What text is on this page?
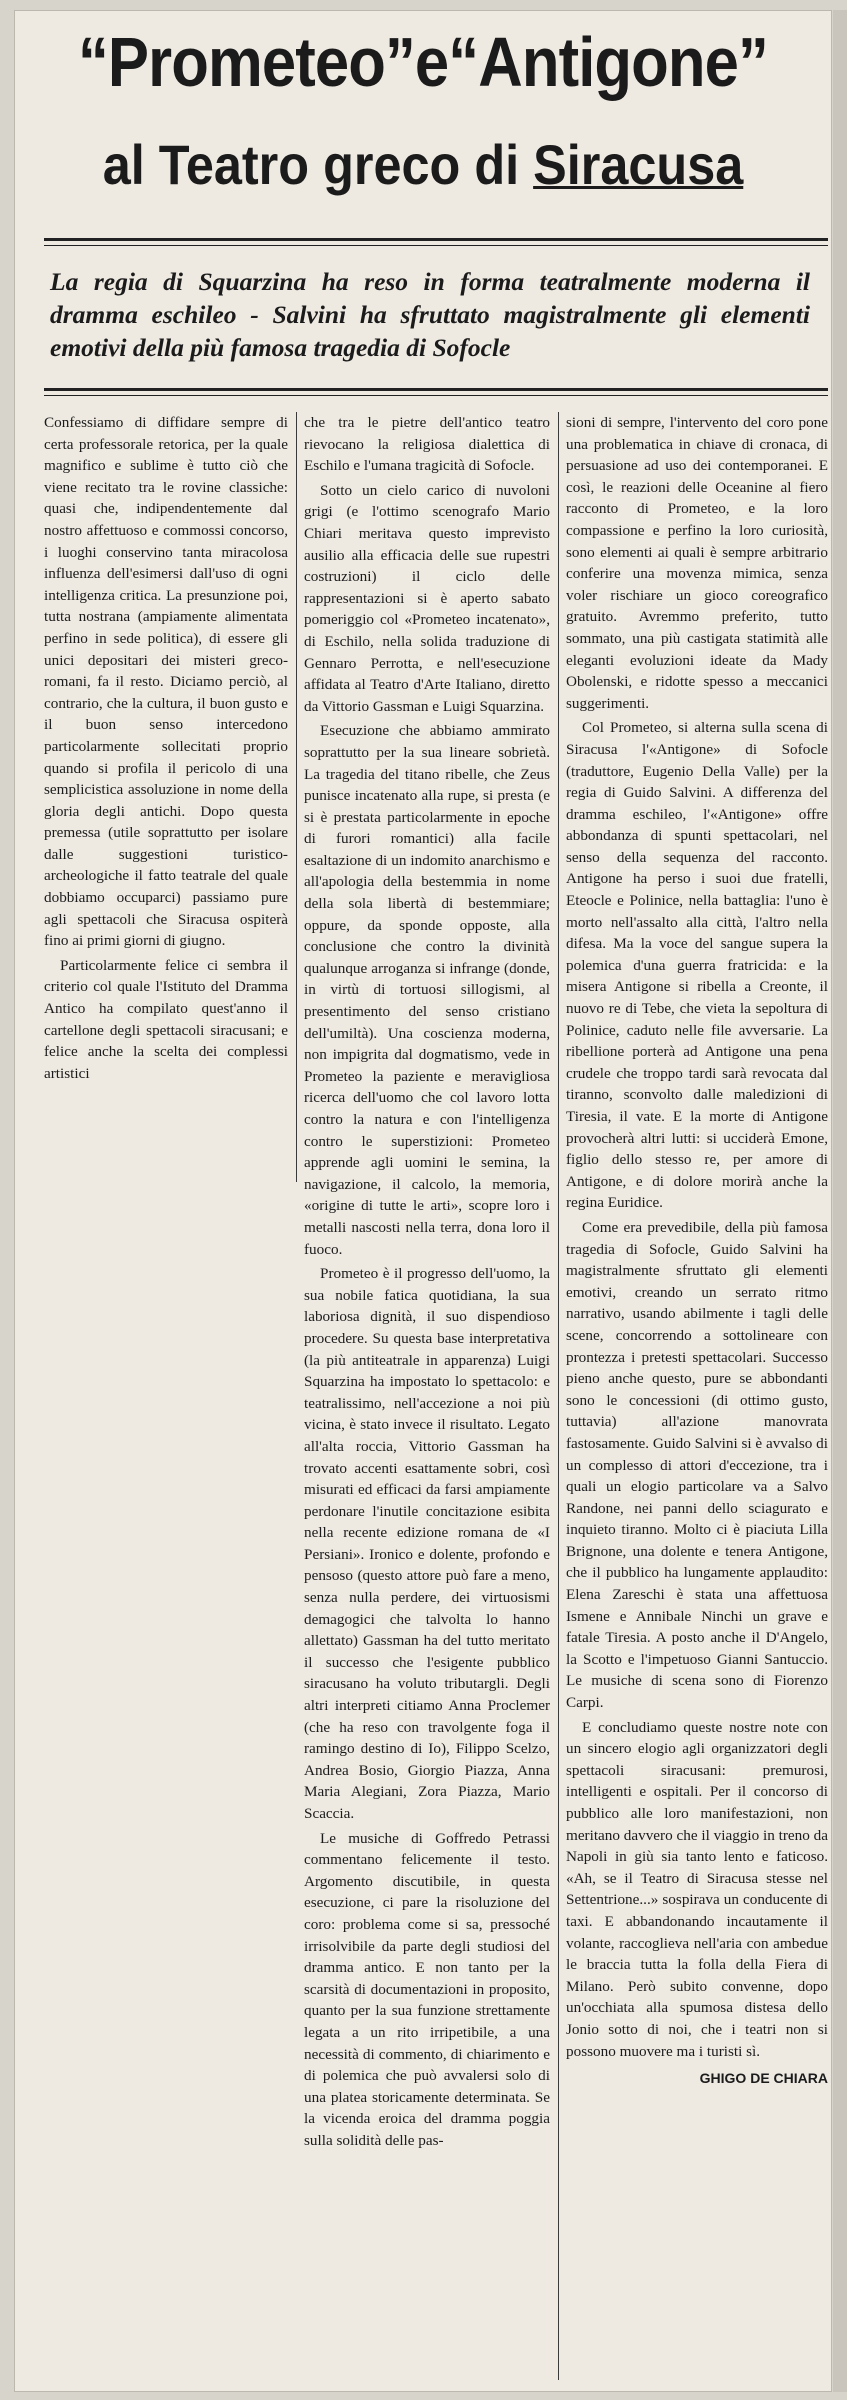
“Prometeo”e“Antigone”
al Teatro greco di Siracusa
La regia di Squarzina ha reso in forma teatralmente moderna il dramma eschileo - Salvini ha sfruttato magistralmente gli elementi emotivi della più famosa tragedia di Sofocle

Confessiamo di diffidare sempre di certa professorale retorica, per la quale magnifico e sublime è tutto ciò che viene recitato tra le rovine classiche: quasi che, indipendentemente dal nostro affettuoso e commossi concorso, i luoghi conservino tanta miracolosa influenza dell'esimersi dall'uso di ogni intelligenza critica. La presunzione poi, tutta nostrana (ampiamente alimentata perfino in sede politica), di essere gli unici depositari dei misteri greco-romani, fa il resto. Diciamo perciò, al contrario, che la cultura, il buon gusto e il buon senso intercedono particolarmente sollecitati proprio quando si profila il pericolo di una semplicistica assoluzione in nome della gloria degli antichi. Dopo questa premessa (utile soprattutto per isolare dalle suggestioni turistico-archeologiche il fatto teatrale del quale dobbiamo occuparci) passiamo pure agli spettacoli che Siracusa ospiterà fino ai primi giorni di giugno.

Particolarmente felice ci sembra il criterio col quale l'Istituto del Dramma Antico ha compilato quest'anno il cartellone degli spettacoli siracusani; e felice anche la scelta dei complessi artistici

che tra le pietre dell'antico teatro rievocano la religiosa dialettica di Eschilo e l'umana tragicità di Sofocle.

Sotto un cielo carico di nuvoloni grigi (e l'ottimo scenografo Mario Chiari meritava questo imprevisto ausilio alla efficacia delle sue rupestri costruzioni) il ciclo delle rappresentazioni si è aperto sabato pomeriggio col «Prometeo incatenato», di Eschilo, nella solida traduzione di Gennaro Perrotta, e nell'esecuzione affidata al Teatro d'Arte Italiano, diretto da Vittorio Gassman e Luigi Squarzina.

Esecuzione che abbiamo ammirato soprattutto per la sua lineare sobrietà. La tragedia del titano ribelle, che Zeus punisce incatenato alla rupe, si presta (e si è prestata particolarmente in epoche di furori romantici) alla facile esaltazione di un indomito anarchismo e all'apologia della bestemmia in nome della sola libertà di bestemmiare; oppure, da sponde opposte, alla conclusione che contro la divinità qualunque arroganza si infrange (donde, in virtù di tortuosi sillogismi, al presentimento del senso cristiano dell'umiltà). Una coscienza moderna, non impigrita dal dogmatismo, vede in Prometeo la paziente e meravigliosa ricerca dell'uomo che col lavoro lotta contro la natura e con l'intelligenza contro le superstizioni: Prometeo apprende agli uomini le semina, la navigazione, il calcolo, la memoria, «origine di tutte le arti», scopre loro i metalli nascosti nella terra, dona loro il fuoco.

Prometeo è il progresso dell'uomo, la sua nobile fatica quotidiana, la sua laboriosa dignità, il suo dispendioso procedere. Su questa base interpretativa (la più antiteatrale in apparenza) Luigi Squarzina ha impostato lo spettacolo: e teatralissimo, nell'accezione a noi più vicina, è stato invece il risultato. Legato all'alta roccia, Vittorio Gassman ha trovato accenti esattamente sobri, così misurati ed efficaci da farsi ampiamente perdonare l'inutile concitazione esibita nella recente edizione romana de «I Persiani». Ironico e dolente, profondo e pensoso (questo attore può fare a meno, senza nulla perdere, dei virtuosismi demagogici che talvolta lo hanno allettato) Gassman ha del tutto meritato il successo che l'esigente pubblico siracusano ha voluto tributargli. Degli altri interpreti citiamo Anna Proclemer (che ha reso con travolgente foga il ramingo destino di Io), Filippo Scelzo, Andrea Bosio, Giorgio Piazza, Anna Maria Alegiani, Zora Piazza, Mario Scaccia.

Le musiche di Goffredo Petrassi commentano felicemente il testo. Argomento discutibile, in questa esecuzione, ci pare la risoluzione del coro: problema come si sa, pressoché irrisolvibile da parte degli studiosi del dramma antico. E non tanto per la scarsità di documentazioni in proposito, quanto per la sua funzione strettamente legata a un rito irripetibile, a una necessità di commento, di chiarimento e di polemica che può avvalersi solo di una platea storicamente determinata. Se la vicenda eroica del dramma poggia sulla solidità delle pas-

sioni di sempre, l'intervento del coro pone una problematica in chiave di cronaca, di persuasione ad uso dei contemporanei. E così, le reazioni delle Oceanine al fiero racconto di Prometeo, e la loro compassione e perfino la loro curiosità, sono elementi ai quali è sempre arbitrario conferire una movenza mimica, senza voler rischiare un gioco coreografico gratuito. Avremmo preferito, tutto sommato, una più castigata statimità alle eleganti evoluzioni ideate da Mady Obolenski, e ridotte spesso a meccanici suggerimenti.

Col Prometeo, si alterna sulla scena di Siracusa l'«Antigone» di Sofocle (traduttore, Eugenio Della Valle) per la regia di Guido Salvini. A differenza del dramma eschileo, l'«Antigone» offre abbondanza di spunti spettacolari, nel senso della sequenza del racconto. Antigone ha perso i suoi due fratelli, Eteocle e Polinice, nella battaglia: l'uno è morto nell'assalto alla città, l'altro nella difesa. Ma la voce del sangue supera la polemica d'una guerra fratricida: e la misera Antigone si ribella a Creonte, il nuovo re di Tebe, che vieta la sepoltura di Polinice, caduto nelle file avversarie. La ribellione porterà ad Antigone una pena crudele che troppo tardi sarà revocata dal tiranno, sconvolto dalle maledizioni di Tiresia, il vate. E la morte di Antigone provocherà altri lutti: si ucciderà Emone, figlio dello stesso re, per amore di Antigone, e di dolore morirà anche la regina Euridice.

Come era prevedibile, della più famosa tragedia di Sofocle, Guido Salvini ha magistralmente sfruttato gli elementi emotivi, creando un serrato ritmo narrativo, usando abilmente i tagli delle scene, concorrendo a sottolineare con prontezza i pretesti spettacolari. Successo pieno anche questo, pure se abbondanti sono le concessioni (di ottimo gusto, tuttavia) all'azione manovrata fastosamente. Guido Salvini si è avvalso di un complesso di attori d'eccezione, tra i quali un elogio particolare va a Salvo Randone, nei panni dello sciagurato e inquieto tiranno. Molto ci è piaciuta Lilla Brignone, una dolente e tenera Antigone, che il pubblico ha lungamente applaudito: Elena Zareschi è stata una affettuosa Ismene e Annibale Ninchi un grave e fatale Tiresia. A posto anche il D'Angelo, la Scotto e l'impetuoso Gianni Santuccio. Le musiche di scena sono di Fiorenzo Carpi.

E concludiamo queste nostre note con un sincero elogio agli organizzatori degli spettacoli siracusani: premurosi, intelligenti e ospitali. Per il concorso di pubblico alle loro manifestazioni, non meritano davvero che il viaggio in treno da Napoli in giù sia tanto lento e faticoso. «Ah, se il Teatro di Siracusa stesse nel Settentrione...» sospirava un conducente di taxi. E abbandonando incautamente il volante, raccoglieva nell'aria con ambedue le braccia tutta la folla della Fiera di Milano. Però subito convenne, dopo un'occhiata alla spumosa distesa dello Jonio sotto di noi, che i teatri non si possono muovere ma i turisti sì.

GHIGO DE CHIARA
